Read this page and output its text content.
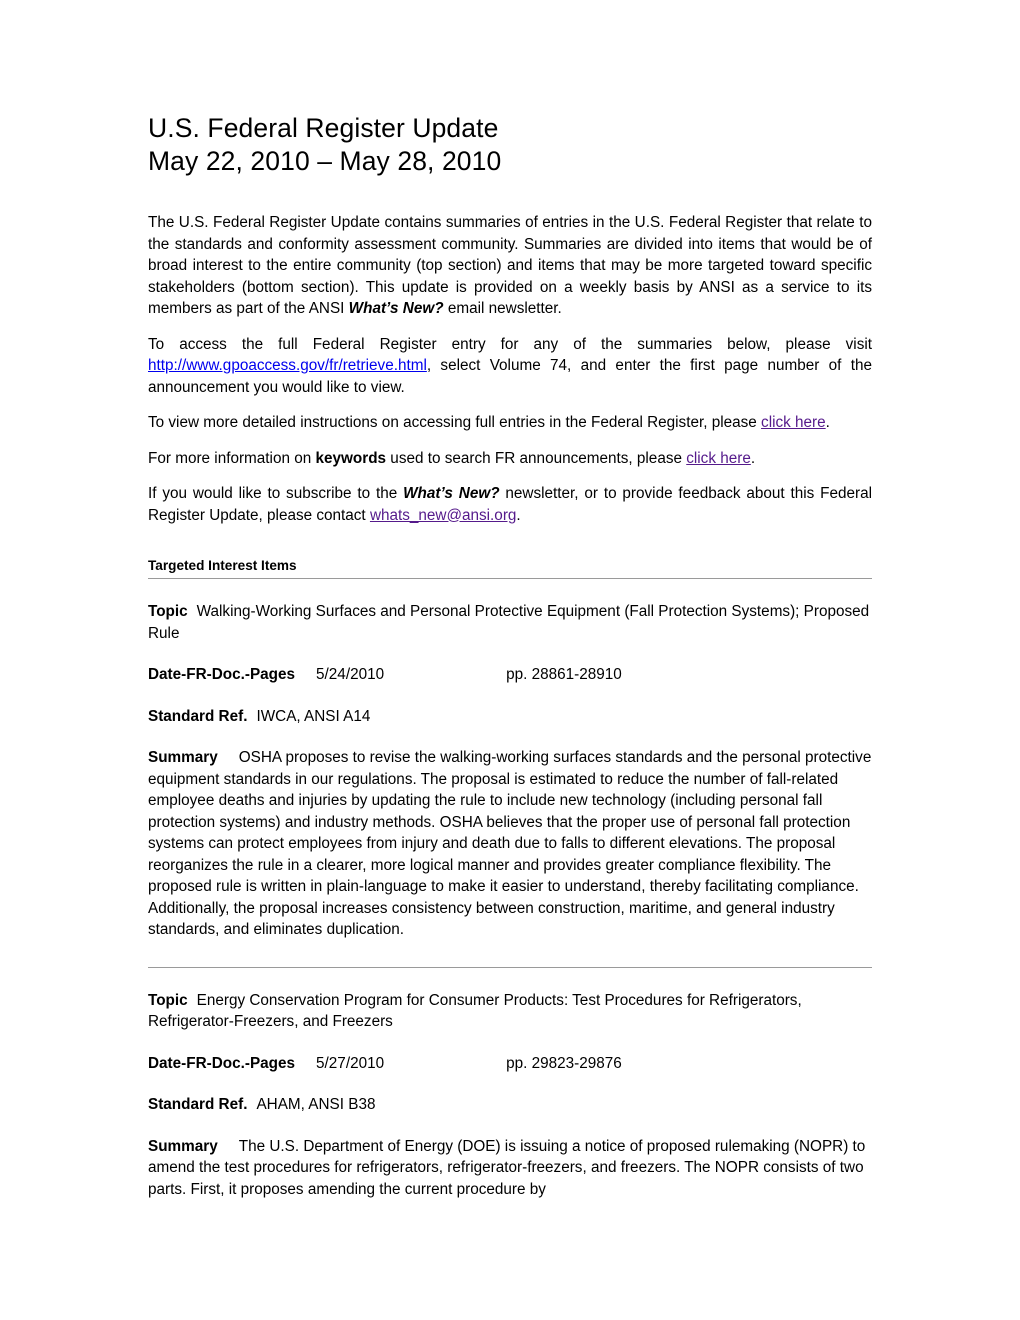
U.S. Federal Register Update
May 22, 2010 – May 28, 2010

The U.S. Federal Register Update contains summaries of entries in the U.S. Federal Register that relate to the standards and conformity assessment community. Summaries are divided into items that would be of broad interest to the entire community (top section) and items that may be more targeted toward specific stakeholders (bottom section). This update is provided on a weekly basis by ANSI as a service to its members as part of the ANSI What’s New? email newsletter.

To access the full Federal Register entry for any of the summaries below, please visit http://www.gpoaccess.gov/fr/retrieve.html, select Volume 74, and enter the first page number of the announcement you would like to view.

To view more detailed instructions on accessing full entries in the Federal Register, please click here.

For more information on keywords used to search FR announcements, please click here.

If you would like to subscribe to the What’s New? newsletter, or to provide feedback about this Federal Register Update, please contact whats_new@ansi.org.

Targeted Interest Items

Topic Walking-Working Surfaces and Personal Protective Equipment (Fall Protection Systems); Proposed Rule

Date-FR-Doc.-Pages 5/24/2010	pp. 28861-28910

Standard Ref. IWCA, ANSI A14

Summary OSHA proposes to revise the walking-working surfaces standards and the personal protective equipment standards in our regulations. The proposal is estimated to reduce the number of fall-related employee deaths and injuries by updating the rule to include new technology (including personal fall protection systems) and industry methods. OSHA believes that the proper use of personal fall protection systems can protect employees from injury and death due to falls to different elevations. The proposal reorganizes the rule in a clearer, more logical manner and provides greater compliance flexibility. The proposed rule is written in plain-language to make it easier to understand, thereby facilitating compliance. Additionally, the proposal increases consistency between construction, maritime, and general industry standards, and eliminates duplication.

Topic Energy Conservation Program for Consumer Products: Test Procedures for Refrigerators, Refrigerator-Freezers, and Freezers

Date-FR-Doc.-Pages 5/27/2010	pp. 29823-29876

Standard Ref. AHAM, ANSI B38

Summary The U.S. Department of Energy (DOE) is issuing a notice of proposed rulemaking (NOPR) to amend the test procedures for refrigerators, refrigerator-freezers, and freezers. The NOPR consists of two parts. First, it proposes amending the current procedure by
